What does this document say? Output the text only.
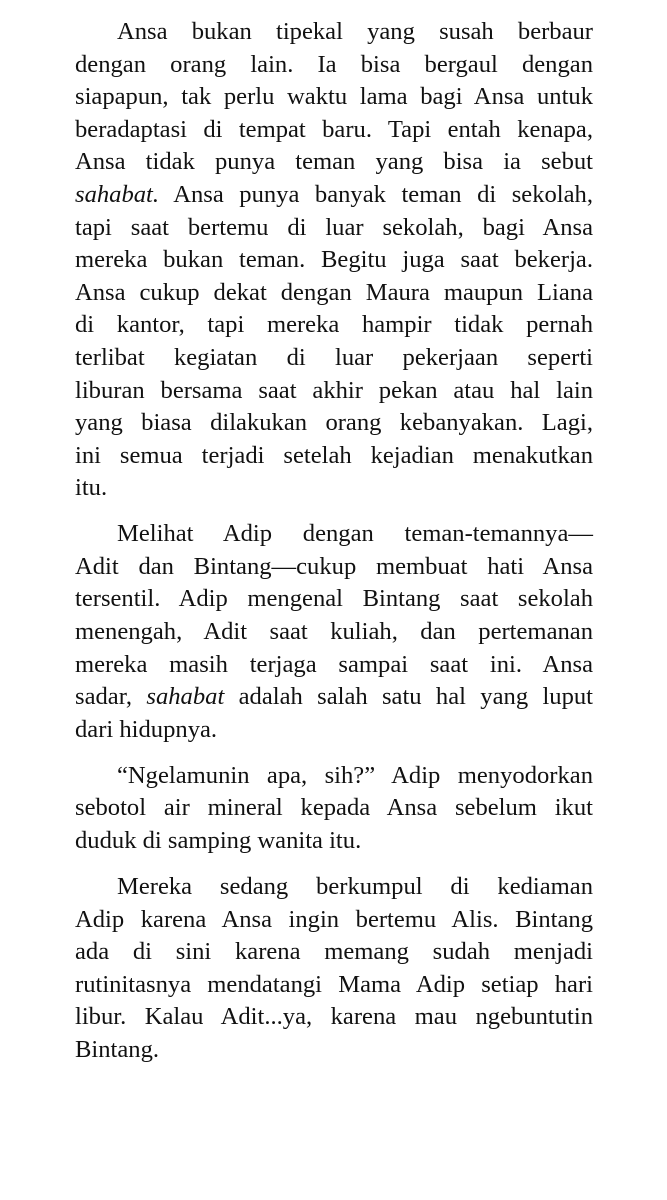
Ansa bukan tipekal yang susah berbaur
dengan orang lain. Ia bisa bergaul dengan
siapapun, tak perlu waktu lama bagi Ansa untuk
beradaptasi di tempat baru. Tapi entah kenapa,
Ansa tidak punya teman yang bisa ia sebut
sahabat. Ansa punya banyak teman di sekolah,
tapi saat bertemu di luar sekolah, bagi Ansa
mereka bukan teman. Begitu juga saat bekerja.
Ansa cukup dekat dengan Maura maupun Liana
di kantor, tapi mereka hampir tidak pernah
terlibat kegiatan di luar pekerjaan seperti
liburan bersama saat akhir pekan atau hal lain
yang biasa dilakukan orang kebanyakan. Lagi,
ini semua terjadi setelah kejadian menakutkan
itu.
Melihat Adip dengan teman-temannya—
Adit dan Bintang—cukup membuat hati Ansa
tersentil. Adip mengenal Bintang saat sekolah
menengah, Adit saat kuliah, dan pertemanan
mereka masih terjaga sampai saat ini. Ansa
sadar, sahabat adalah salah satu hal yang luput
dari hidupnya.
“Ngelamunin apa, sih?” Adip menyodorkan
sebotol air mineral kepada Ansa sebelum ikut
duduk di samping wanita itu.
Mereka sedang berkumpul di kediaman
Adip karena Ansa ingin bertemu Alis. Bintang
ada di sini karena memang sudah menjadi
rutinitasnya mendatangi Mama Adip setiap hari
libur. Kalau Adit...ya, karena mau ngebuntutin
Bintang.
